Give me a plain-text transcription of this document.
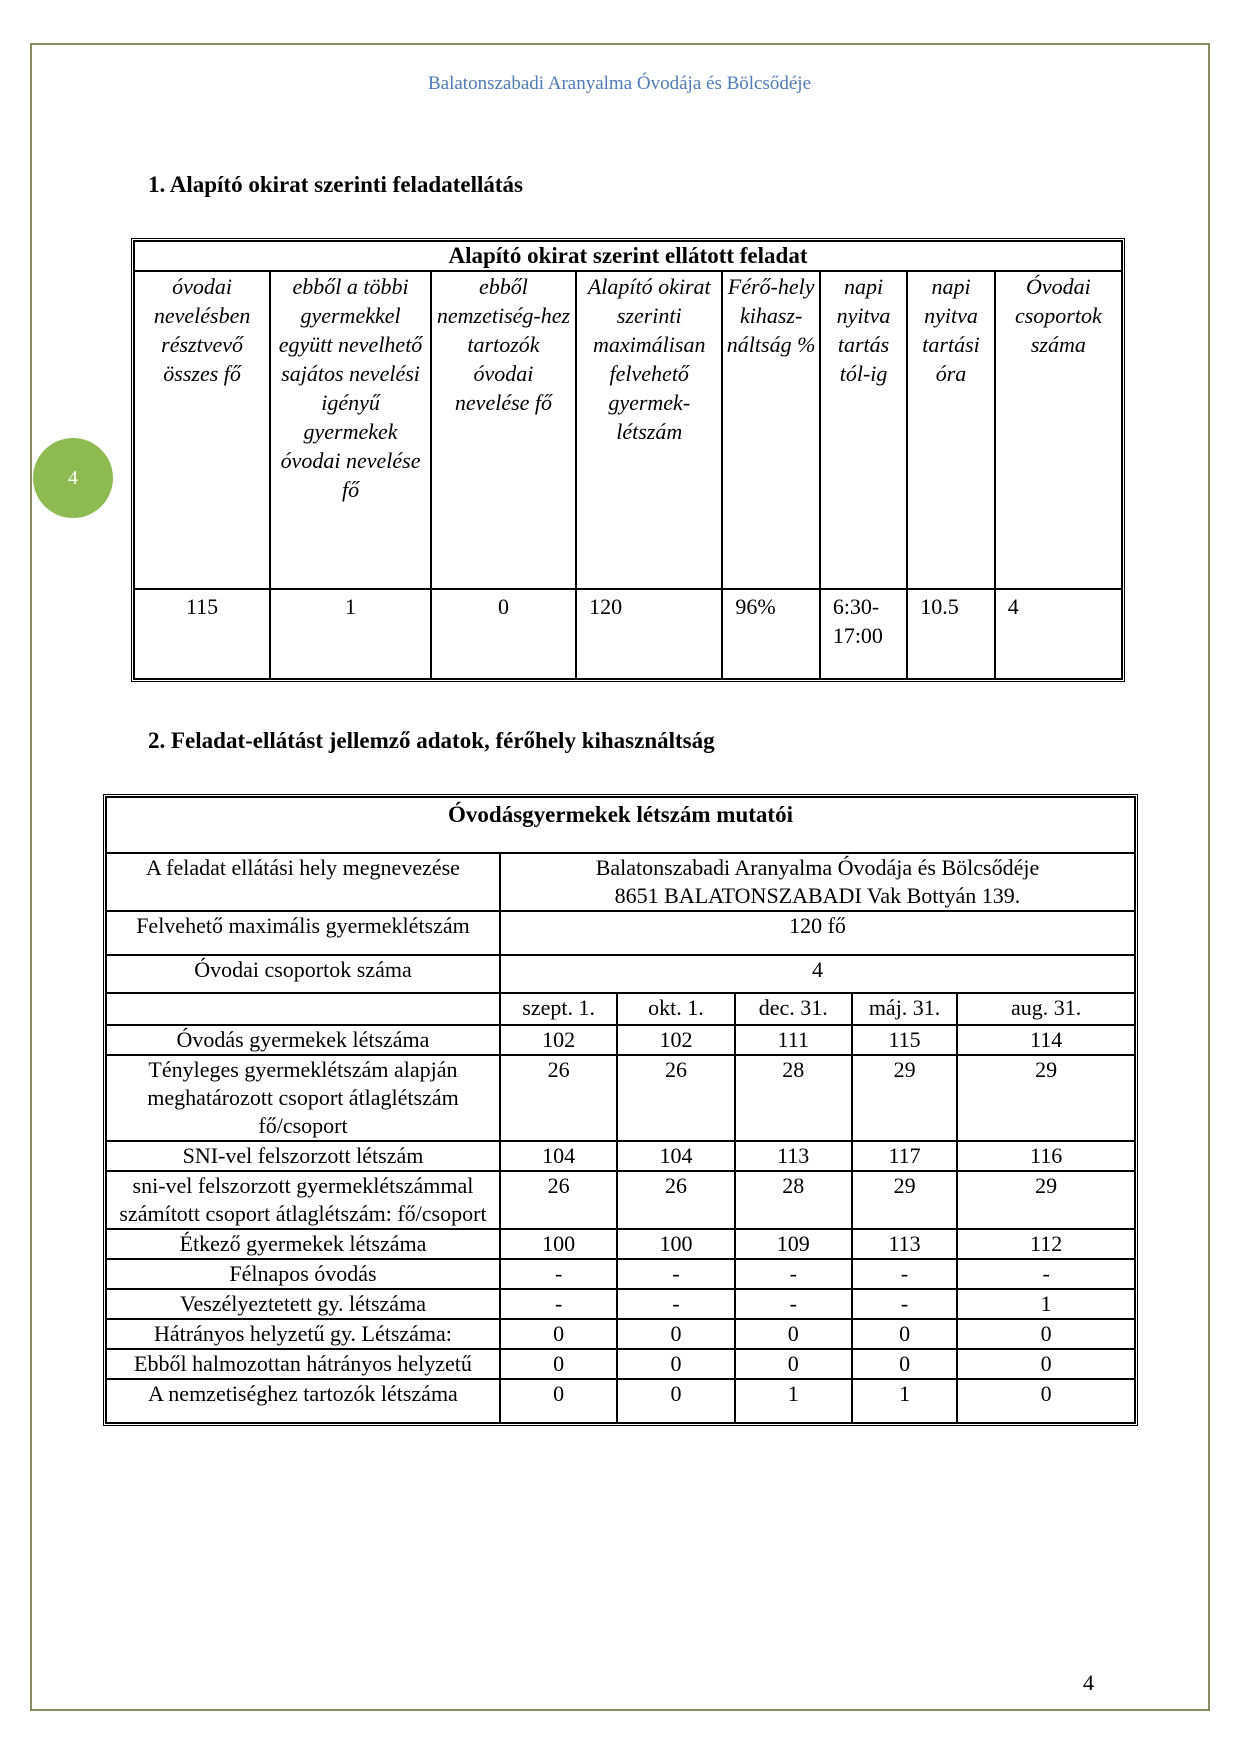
Balatonszabadi Aranyalma Óvodája és Bölcsődéje
4
1. Alapító okirat szerinti feladatellátás
Alapító okirat szerint ellátott feladat							
óvodai nevelésben résztvevő összes fő	ebből a többi gyermekkel együtt nevelhető sajátos nevelési igényű gyermekek óvodai nevelése fő	ebből nemzetiség-hez tartozók óvodai nevelése fő	Alapító okirat szerinti maximálisan felvehető gyermek-létszám	Férő-hely kihasz-náltság %	napi nyitva tartás tól-ig	napi nyitva tartási óra	Óvodai csoportok száma
115	1	0	120	96%	6:30-17:00	10.5	4
2. Feladat-ellátást jellemző adatok, férőhely kihasználtság
Óvodásgyermekek létszám mutatói					
A feladat ellátási hely megnevezése	Balatonszabadi Aranyalma Óvodája és Bölcsődéje
8651 BALATONSZABADI Vak Bottyán 139.				

Felvehető maximális gyermeklétszám	120 fő				
Óvodai csoportok száma	4				
	szept. 1.	okt. 1.	dec. 31.	máj. 31.	aug. 31.
Óvodás gyermekek létszáma	102	102	111	115	114
Tényleges gyermeklétszám alapján meghatározott csoport átlaglétszám fő/csoport	26	26	28	29	29
SNI-vel felszorzott létszám	104	104	113	117	116
sni-vel felszorzott gyermeklétszámmal számított csoport átlaglétszám: fő/csoport	26	26	28	29	29
Étkező gyermekek létszáma	100	100	109	113	112
Félnapos óvodás	-	-	-	-	-
Veszélyeztetett gy. létszáma	-	-	-	-	1
Hátrányos helyzetű gy. Létszáma:	0	0	0	0	0
Ebből halmozottan hátrányos helyzetű	0	0	0	0	0
A nemzetiséghez tartozók létszáma	0	0	1	1	0
4
